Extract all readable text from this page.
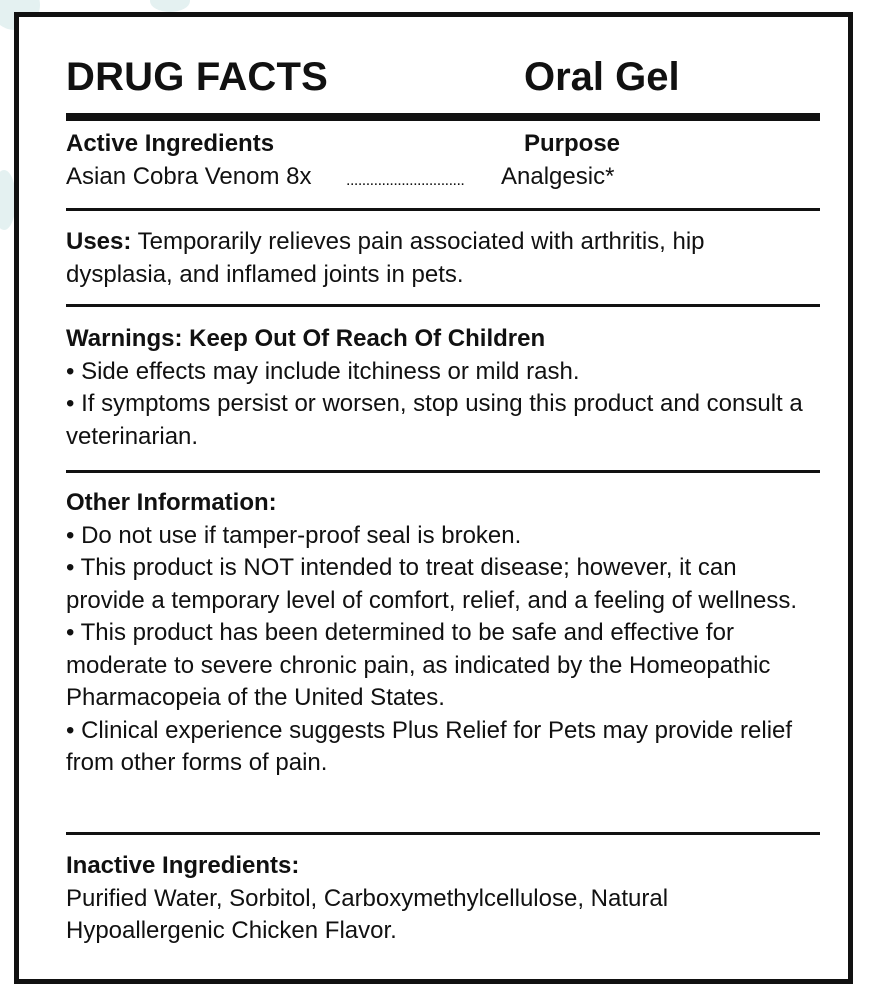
DRUG FACTS	Oral Gel
Active Ingredients	Purpose
Asian Cobra Venom 8x ..............................	Analgesic*
Uses: Temporarily relieves pain associated with arthritis, hip dysplasia, and inflamed joints in pets.
Warnings: Keep Out Of Reach Of Children
• Side effects may include itchiness or mild rash.
• If symptoms persist or worsen, stop using this product and consult a veterinarian.
Other Information:
• Do not use if tamper-proof seal is broken.
• This product is NOT intended to treat disease; however, it can provide a temporary level of comfort, relief, and a feeling of wellness.
• This product has been determined to be safe and effective for moderate to severe chronic pain, as indicated by the Homeopathic Pharmacopeia of the United States.
• Clinical experience suggests Plus Relief for Pets may provide relief from other forms of pain.
Inactive Ingredients:
Purified Water, Sorbitol, Carboxymethylcellulose, Natural Hypoallergenic Chicken Flavor.
